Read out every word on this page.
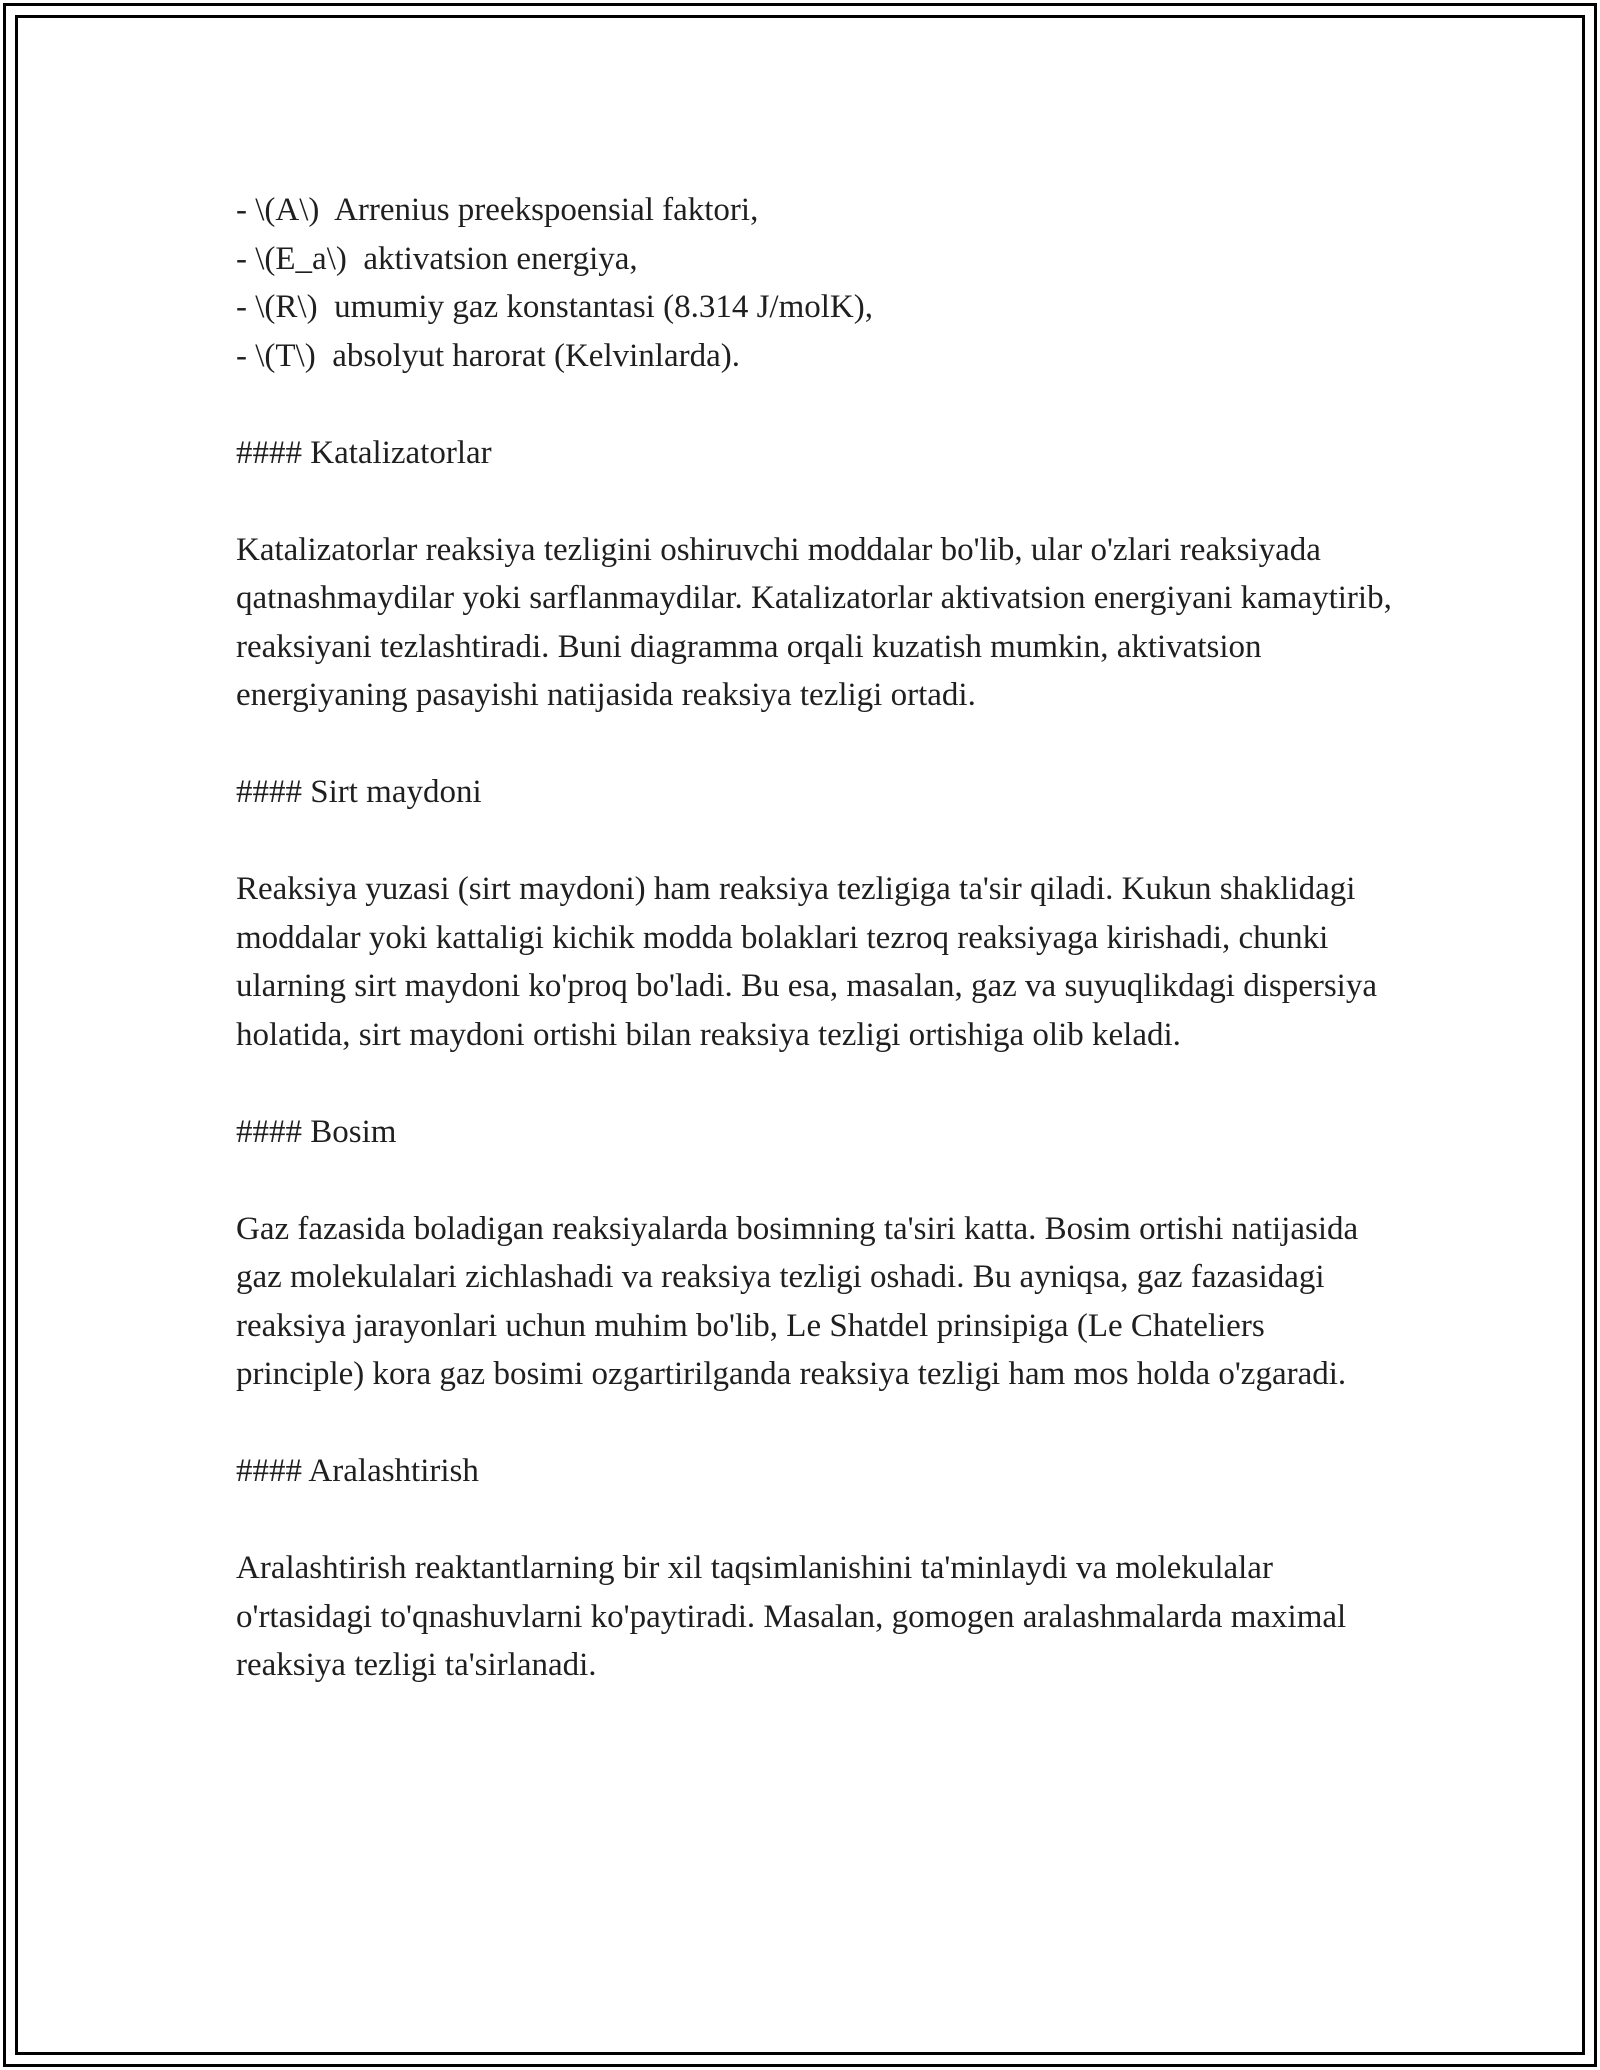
- \(A\)  Arrenius preekspoensial faktori,

- \(E_a\)  aktivatsion energiya,

- \(R\)  umumiy gaz konstantasi (8.314 J/molK),

- \(T\)  absolyut harorat (Kelvinlarda).

#### Katalizatorlar

Katalizatorlar reaksiya tezligini oshiruvchi moddalar bo'lib, ular o'zlari reaksiyada qatnashmaydilar yoki sarflanmaydilar. Katalizatorlar aktivatsion energiyani kamaytirib, reaksiyani tezlashtiradi. Buni diagramma orqali kuzatish mumkin, aktivatsion energiyaning pasayishi natijasida reaksiya tezligi ortadi.

#### Sirt maydoni

Reaksiya yuzasi (sirt maydoni) ham reaksiya tezligiga ta'sir qiladi. Kukun shaklidagi moddalar yoki kattaligi kichik modda bolaklari tezroq reaksiyaga kirishadi, chunki ularning sirt maydoni ko'proq bo'ladi. Bu esa, masalan, gaz va suyuqlikdagi dispersiya holatida, sirt maydoni ortishi bilan reaksiya tezligi ortishiga olib keladi.

#### Bosim

Gaz fazasida boladigan reaksiyalarda bosimning ta'siri katta. Bosim ortishi natijasida gaz molekulalari zichlashadi va reaksiya tezligi oshadi. Bu ayniqsa, gaz fazasidagi reaksiya jarayonlari uchun muhim bo'lib, Le Shatdel prinsipiga (Le Chateliers principle) kora gaz bosimi ozgartirilganda reaksiya tezligi ham mos holda o'zgaradi.

#### Aralashtirish

Aralashtirish reaktantlarning bir xil taqsimlanishini ta'minlaydi va molekulalar o'rtasidagi to'qnashuvlarni ko'paytiradi. Masalan, gomogen aralashmalarda maximal reaksiya tezligi ta'sirlanadi.
